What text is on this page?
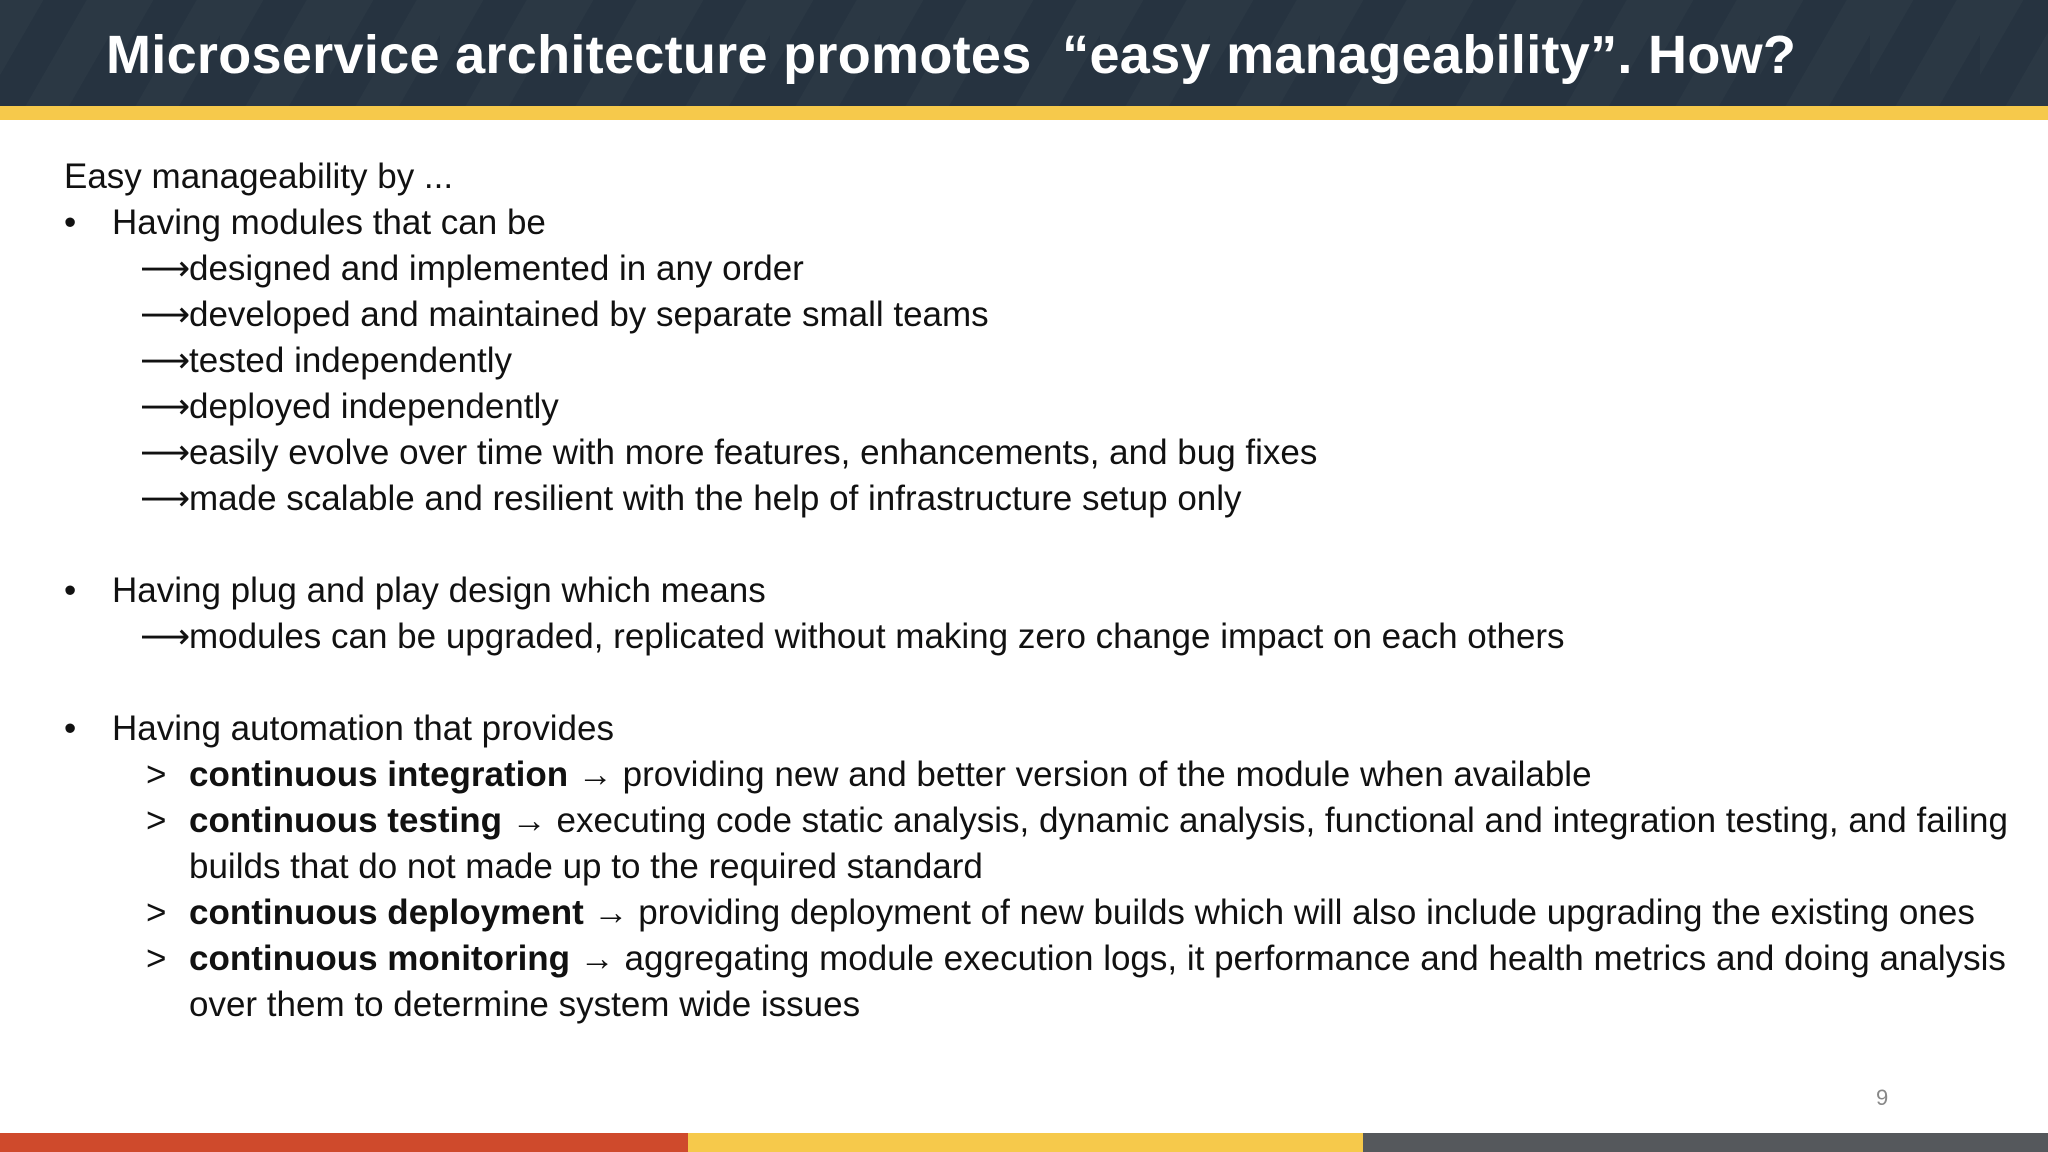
Microservice architecture promotes  “easy manageability”. How?
Easy manageability by ...
• Having modules that can be
⟶
designed and implemented in any order
⟶
developed and maintained by separate small teams
⟶
tested independently
⟶
deployed independently
⟶
easily evolve over time with more features, enhancements, and bug fixes
⟶
made scalable and resilient with the help of infrastructure setup only
• Having plug and play design which means
⟶
modules can be upgraded, replicated without making zero change impact on each others
• Having automation that provides
> continuous integration → providing new and better version of the module when available
> continuous testing → executing code static analysis, dynamic analysis, functional and integration testing, and failing builds that do not made up to the required standard
> continuous deployment → providing deployment of new builds which will also include upgrading the existing ones
> continuous monitoring → aggregating module execution logs, it performance and health metrics and doing analysis over them to determine system wide issues
9
